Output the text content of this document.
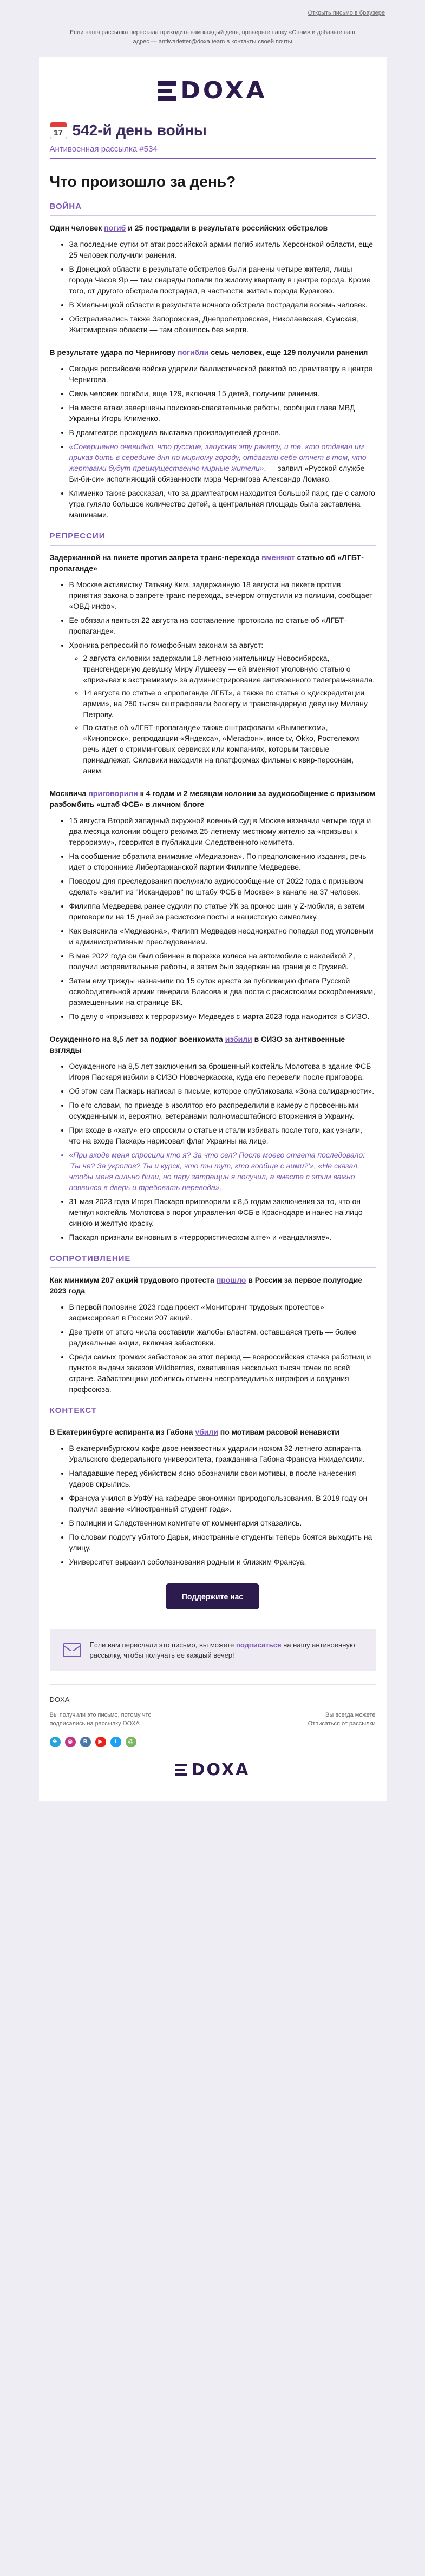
Открыть письмо в браузере
Если наша рассылка перестала приходить вам каждый день, проверьте папку «Спам» и добавьте наш адрес — antiwarletter@doxa.team в контакты своей почты
DOXA
17 542-й день войны
Антивоенная рассылка #534
Что произошло за день?
ВОЙНА
Один человек погиб и 25 пострадали в результате российских обстрелов
• За последние сутки от атак российской армии погиб житель Херсонской области, еще 25 человек получили ранения.
• В Донецкой области в результате обстрелов были ранены четыре жителя, лицы города Часов Яр — там снаряды попали по жилому кварталу в центре города. Кроме того, от другого обстрела пострадал, в частности, житель города Кураково.
• В Хмельницкой области в результате ночного обстрела пострадали восемь человек.
• Обстреливались также Запорожская, Днепропетровская, Николаевская, Сумская, Житомирская области — там обошлось без жертв.
В результате удара по Чернигову погибли семь человек, еще 129 получили ранения
• Сегодня российские войска ударили баллистической ракетой по драмтеатру в центре Чернигова.
• Семь человек погибли, еще 129, включая 15 детей, получили ранения.
• На месте атаки завершены поисково-спасательные работы, сообщил глава МВД Украины Игорь Клименко.
• В драмтеатре проходила выставка производителей дронов.
• «Совершенно очевидно, что русские, запуская эту ракету, и те, кто отдавал им приказ бить в середине дня по мирному городу, отдавали себе отчет в том, что жертвами будут преимущественно мирные жители», — заявил «Русской службе Би-би-си» исполняющий обязанности мэра Чернигова Александр Ломако.
• Клименко также рассказал, что за драмтеатром находится большой парк, где с самого утра гуляло большое количество детей, а центральная площадь была заставлена машинами.
РЕПРЕССИИ
Задержанной на пикете против запрета транс-перехода вменяют статью об «ЛГБТ-пропаганде»
• В Москве активистку Татьяну Ким, задержанную 18 августа на пикете против принятия закона о запрете транс-перехода, вечером отпустили из полиции, сообщает «ОВД-инфо».
• Ее обязали явиться 22 августа на составление протокола по статье об «ЛГБТ-пропаганде».
• Хроника репрессий по гомофобным законам за август:
◦ 2 августа силовики задержали 18-летнюю жительницу Новосибирска, трансгендерную девушку Миру Лушееву — ей вменяют уголовную статью о «призывах к экстремизму» за администрирование антивоенного телеграм-канала.
◦ 14 августа по статье о «пропаганде ЛГБТ», а также по статье о «дискредитации армии», на 250 тысяч оштрафовали блогеру и трансгендерную девушку Милану Петрову.
◦ По статье об «ЛГБТ-пропаганде» также оштрафовали «Вымпелком», «Кинопоиск», репродакции «Яндекса», «Мегафон», иное tv, Okko, Ростелеком — речь идет о стриминговых сервисах или компаниях, которым таковые принадлежат. Силовики находили на платформах фильмы с квир-персонам, аним.
Москвича приговорили к 4 годам и 2 месяцам колонии за аудиособщение с призывом разбомбить «штаб ФСБ» в личном блоге
• 15 августа Второй западный окружной военный суд в Москве назначил четыре года и два месяца колонии общего режима 25-летнему местному жителю за «призывы к терроризму», говорится в публикации Следственного комитета.
• На сообщение обратила внимание «Медиазона». По предположению издания, речь идет о стороннике Либертарианской партии Филиппе Медведеве.
• Поводом для преследования послужило аудиосообщение от 2022 года с призывом сделать «валит из "Искандеров" по штабу ФСБ в Москве» в канале на 37 человек.
• Филиппа Медведева ранее судили по статье УК за пронос шин у Z-мобиля, а затем приговорили на 15 дней за расистские посты и нацистскую символику.
• Как выяснила «Медиазона», Филипп Медведев неоднократно попадал под уголовным и административным преследованием.
• В мае 2022 года он был обвинен в порезке колеса на автомобиле с наклейкой Z, получил исправительные работы, а затем был задержан на границе с Грузией.
• Затем ему трижды назначили по 15 суток ареста за публикацию флага Русской освободительной армии генерала Власова и два поста с расистскими оскорблениями, размещенными на странице ВК.
• По делу о «призывах к терроризму» Медведев с марта 2023 года находится в СИЗО.
Осужденного на 8,5 лет за поджог военкомата избили в СИЗО за антивоенные взгляды
• Осужденного на 8,5 лет заключения за брошенный коктейль Молотова в здание ФСБ Игоря Паскаря избили в СИЗО Новочеркасска, куда его перевели после приговора.
• Об этом сам Паскарь написал в письме, которое опубликовала «Зона солидарности».
• По его словам, по приезде в изолятор его распределили в камеру с провоенными осужденными и, вероятно, ветеранами полномасштабного вторжения в Украину.
• При входе в «хату» его спросили о статье и стали избивать после того, как узнали, что на входе Паскарь нарисовал флаг Украины на лице.
• «При входе меня спросили кто я? За что сел? После моего ответа последовало: 'Ты че? За укропов? Ты и курск, что ты тут, кто вообще с ними?'», «Не сказал, чтобы меня сильно били, но пару затрещин я получил, а вместе с этим важно появился в дверь и требовать перевода».
• 31 мая 2023 года Игоря Паскаря приговорили к 8,5 годам заключения за то, что он метнул коктейль Молотова в порог управления ФСБ в Краснодаре и нанес на лицо синюю и желтую краску.
• Паскаря признали виновным в «террористическом акте» и «вандализме».
СОПРОТИВЛЕНИЕ
Как минимум 207 акций трудового протеста прошло в России за первое полугодие 2023 года
• В первой половине 2023 года проект «Мониторинг трудовых протестов» зафиксировал в России 207 акций.
• Две трети от этого числа составили жалобы властям, оставшаяся треть — более радикальные акции, включая забастовки.
• Среди самых громких забастовок за этот период — всероссийская стачка работниц и пунктов выдачи заказов Wildberries, охватившая несколько тысяч точек по всей стране. Забастовщики добились отмены несправедливых штрафов и создания профсоюза.
КОНТЕКСТ
В Екатеринбурге аспиранта из Габона убили по мотивам расовой ненависти
• В екатеринбургском кафе двое неизвестных ударили ножом 32-летнего аспиранта Уральского федерального университета, гражданина Габона Франсуа Нжиделсили.
• Нападавшие перед убийством ясно обозначили свои мотивы, в после нанесения ударов скрылись.
• Франсуа учился в УрФУ на кафедре экономики природопользования. В 2019 году он получил звание «Иностранный студент года».
• В полиции и Следственном комитете от комментария отказались.
• По словам подругу убитого Дарьи, иностранные студенты теперь боятся выходить на улицу.
• Университет выразил соболезнования родным и близким Франсуа.
Поддержите нас
Если вам переслали это письмо, вы можете подписаться на нашу антивоенную рассылку, чтобы получать ее каждый вечер!
DOXA
Вы получили это письмо, потому что подписались на рассылку DOXA
Вы всегда можете
Отписаться от рассылки
✈	◎	B	▶	t	@
DOXA
